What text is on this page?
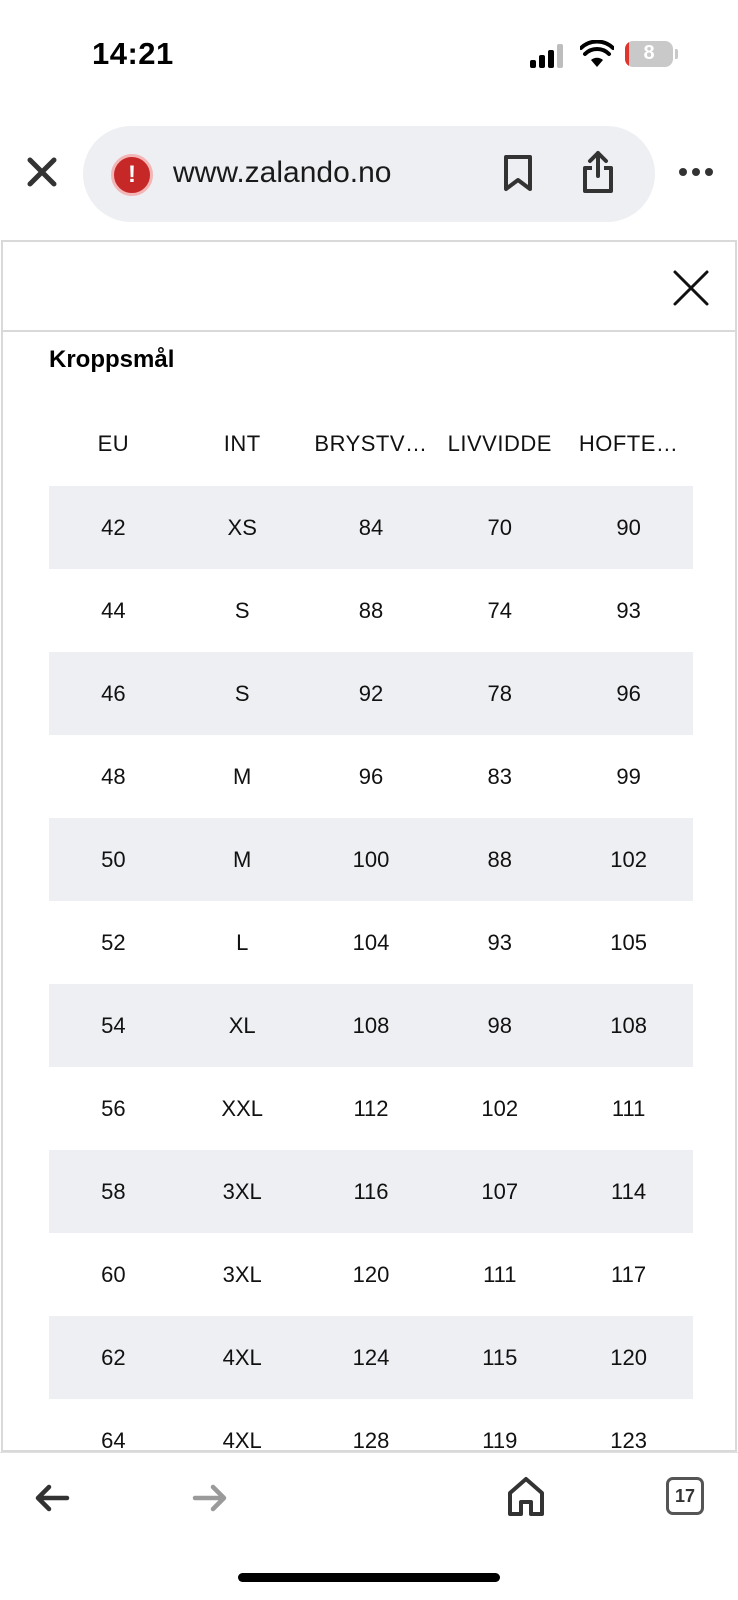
14:21	8
!	www.zalando.no
Kroppsmål
EU	INT	BRYSTV…	LIVVIDDE	HOFTE…
42	XS	84	70	90
44	S	88	74	93
46	S	92	78	96
48	M	96	83	99
50	M	100	88	102
52	L	104	93	105
54	XL	108	98	108
56	XXL	112	102	111
58	3XL	116	107	114
60	3XL	120	111	117
62	4XL	124	115	120
64	4XL	128	119	123
17
